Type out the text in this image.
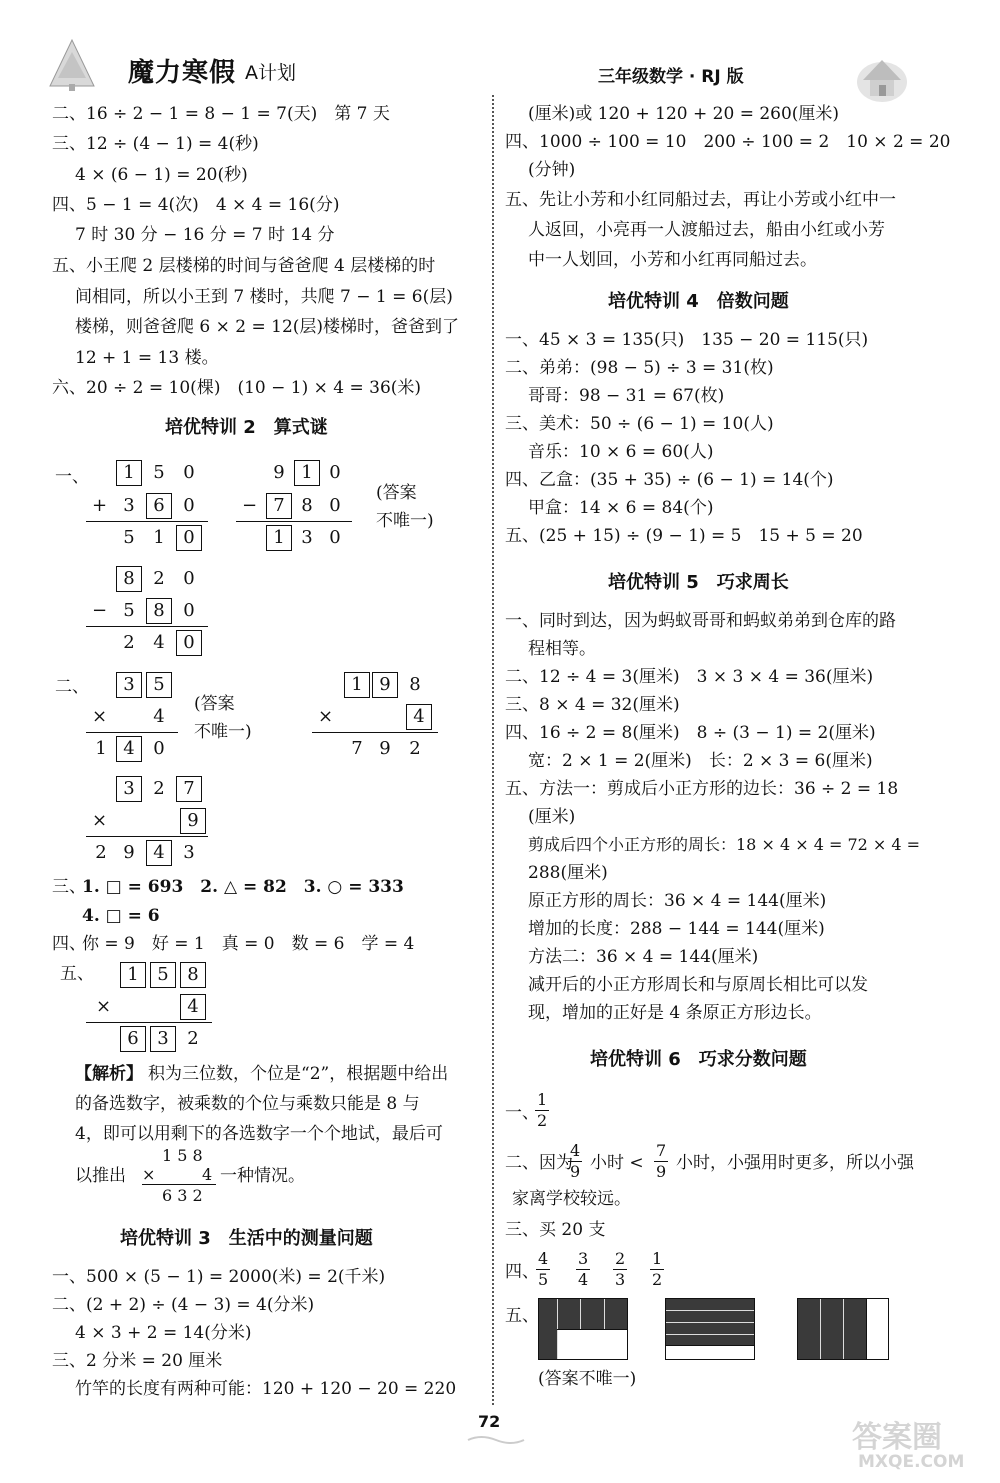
魔力寒假 A计划	三年级数学 · RJ 版
二、16 ÷ 2 − 1 = 8 − 1 = 7(天)　第 7 天
三、12 ÷ (4 − 1) = 4(秒)
4 × (6 − 1) = 20(秒)
四、5 − 1 = 4(次)　4 × 4 = 16(分)
7 时 30 分 − 16 分 = 7 时 14 分
五、小王爬 2 层楼梯的时间与爸爸爬 4 层楼梯的时
间相同，所以小王到 7 楼时，共爬 7 − 1 = 6(层)
楼梯，则爸爸爬 6 × 2 = 12(层)楼梯时，爸爸到了
12 + 1 = 13 楼。
六、20 ÷ 2 = 10(棵)　(10 − 1) × 4 = 36(米)
培优特训 2　算式谜
一、	1	5	0
+ 3	6	0
5	1	0
9 1 0
− 7 8 0
1 3 0
(答案
不唯一)
8	2	0
− 5	8	0
2	4	0
二、	3	5
×	4
1 4	0
(答案
不唯一)
1 9	8
×	4
7 9	2
3	2	7
×	9
2 9	4	3
三、
1. □ = 693　2. △ = 82　3. ○ = 333
4. □ = 6
四、
你 = 9　好 = 1　真 = 0　数 = 6　学 = 4
五、	1	5	8
×	4
6	3	2
【解析】 积为三位数，个位是“2”，根据题中给出
的备选数字，被乘数的个位与乘数只能是 8 与
4，即可以用剩下的各选数字一个个地试，最后可
以推出
1 5 8
×	4
6 3 2
一种情况。
培优特训 3　生活中的测量问题
一、500 × (5 − 1) = 2000(米) = 2(千米)
二、(2 + 2) ÷ (4 − 3) = 4(分米)
4 × 3 + 2 = 14(分米)
三、2 分米 = 20 厘米
竹竿的长度有两种可能：120 + 120 − 20 = 220
(厘米)或 120 + 120 + 20 = 260(厘米)
四、1000 ÷ 100 = 10　200 ÷ 100 = 2　10 × 2 = 20
(分钟)
五、先让小芳和小红同船过去，再让小芳或小红中一
人返回，小亮再一人渡船过去，船由小红或小芳
中一人划回，小芳和小红再同船过去。
培优特训 4　倍数问题
一、45 × 3 = 135(只)　135 − 20 = 115(只)
二、弟弟：(98 − 5) ÷ 3 = 31(枚)
哥哥：98 − 31 = 67(枚)
三、美术：50 ÷ (6 − 1) = 10(人)
音乐：10 × 6 = 60(人)
四、乙盒：(35 + 35) ÷ (6 − 1) = 14(个)
甲盒：14 × 6 = 84(个)
五、(25 + 15) ÷ (9 − 1) = 5　15 + 5 = 20
培优特训 5　巧求周长
一、同时到达，因为蚂蚁哥哥和蚂蚁弟弟到仓库的路
程相等。
二、12 ÷ 4 = 3(厘米)　3 × 3 × 4 = 36(厘米)
三、8 × 4 = 32(厘米)
四、16 ÷ 2 = 8(厘米)　8 ÷ (3 − 1) = 2(厘米)
宽：2 × 1 = 2(厘米)　长：2 × 3 = 6(厘米)
五、方法一：剪成后小正方形的边长：36 ÷ 2 = 18
(厘米)
剪成后四个小正方形的周长：18 × 4 × 4 = 72 × 4 =
288(厘米)
原正方形的周长：36 × 4 = 144(厘米)
增加的长度：288 − 144 = 144(厘米)
方法二：36 × 4 = 144(厘米)
减开后的小正方形周长和与原周长相比可以发
现，增加的正好是 4 条原正方形边长。
培优特训 6　巧求分数问题
一、
$\frac{1}{2}$
二、因为
$\frac{4}{9}$ 小时 < $\frac{7}{9}$ 小时，小强用时更多，所以小强
家离学校较远。
三、买 20 支
四、
$\frac{4}{5} \frac{3}{4} \frac{2}{3} \frac{1}{2}$
五、
(答案不唯一)
72	答案圈
MXQE.COM
